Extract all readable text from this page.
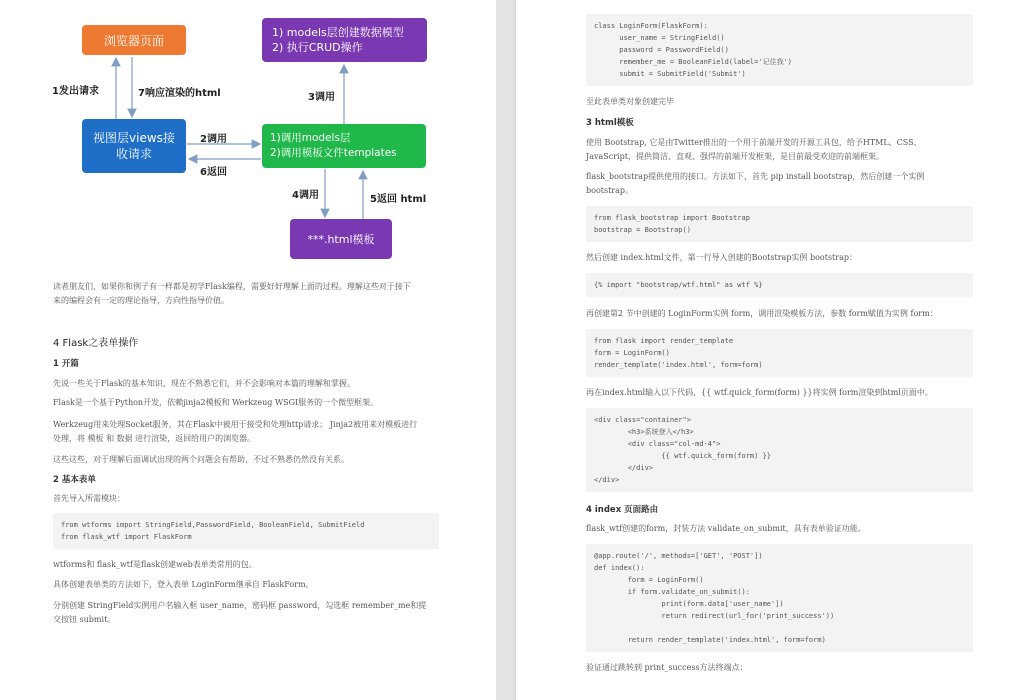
浏览器页面
1) models层创建数据模型
2) 执行CRUD操作
视图层views接
收请求
1)调用models层
2)调用模板文件templates
***.html模板
1发出请求	7响应渲染的html
2调用
6返回
3调用
4调用	5返回 html
读者朋友们，如果你和例子有一样都是初学Flask编程，需要好好理解上面的过程。理解这些对于接下
来的编程会有一定的理论指导，方向性指导价值。
4 Flask之表单操作
1 开篇
先说一些关于Flask的基本知识，现在不熟悉它们，并不会影响对本篇的理解和掌握。
Flask是一个基于Python开发，依赖jinja2模板和 Werkzeug WSGI服务的一个微型框架。
Werkzeug用来处理Socket服务，其在Flask中被用于接受和处理http请求； Jinja2被用来对模板进行
处理，将 模板 和 数据 进行渲染，返回给用户的浏览器。
这些这些，对于理解后面调试出现的两个问题会有帮助，不过不熟悉仍然没有关系。
2 基本表单
首先导入所需模块：
from wtforms import StringField,PasswordField, BooleanField, SubmitField
from flask_wtf import FlaskForm
wtforms和 flask_wtf是flask创建web表单类常用的包。
具体创建表单类的方法如下，登入表单 LoginForm继承自 FlaskForm。
分别创建 StringField实例用户名输入框 user_name，密码框 password，勾选框 remember_me和提
交按钮 submit。
class LoginForm(FlaskForm):
user_name = StringField()
password = PasswordField()
remember_me = BooleanField(label='记住我')
submit = SubmitField('Submit')
至此表单类对象创建完毕
3 html模板
使用 Bootstrap, 它是由Twitter推出的一个用于前端开发的开源工具包，给予HTML、CSS、
JavaScript，提供简洁、直观、强悍的前端开发框架，是目前最受欢迎的前端框架。
flask_bootstrap提供使用的接口。方法如下，首先 pip install bootstrap，然后创建一个实例
bootstrap。
from flask_bootstrap import Bootstrap
bootstrap = Bootstrap()
然后创建 index.html文件，第一行导入创建的Bootstrap实例 bootstrap：
{% import "bootstrap/wtf.html" as wtf %}
再创建第2 节中创建的 LoginForm实例 form，调用渲染模板方法，参数 form赋值为实例 form：
from flask import render_template
form = LoginForm()
render_template('index.html', form=form)
再在index.html输入以下代码，{{ wtf.quick_form(form) }}将实例 form渲染到html页面中。
<div class="container">
<h3>系统登入</h3>
<div class="col-md-4">
{{ wtf.quick_form(form) }}
</div>
</div>
4 index 页面路由
flask_wtf创建的form，封装方法 validate_on_submit，具有表单验证功能。
@app.route('/', methods=['GET', 'POST'])
def index():
form = LoginForm()
if form.validate_on_submit():
print(form.data['user_name'])
return redirect(url_for('print_success'))

return render_template('index.html', form=form)
验证通过跳转到 print_success方法终端点：
